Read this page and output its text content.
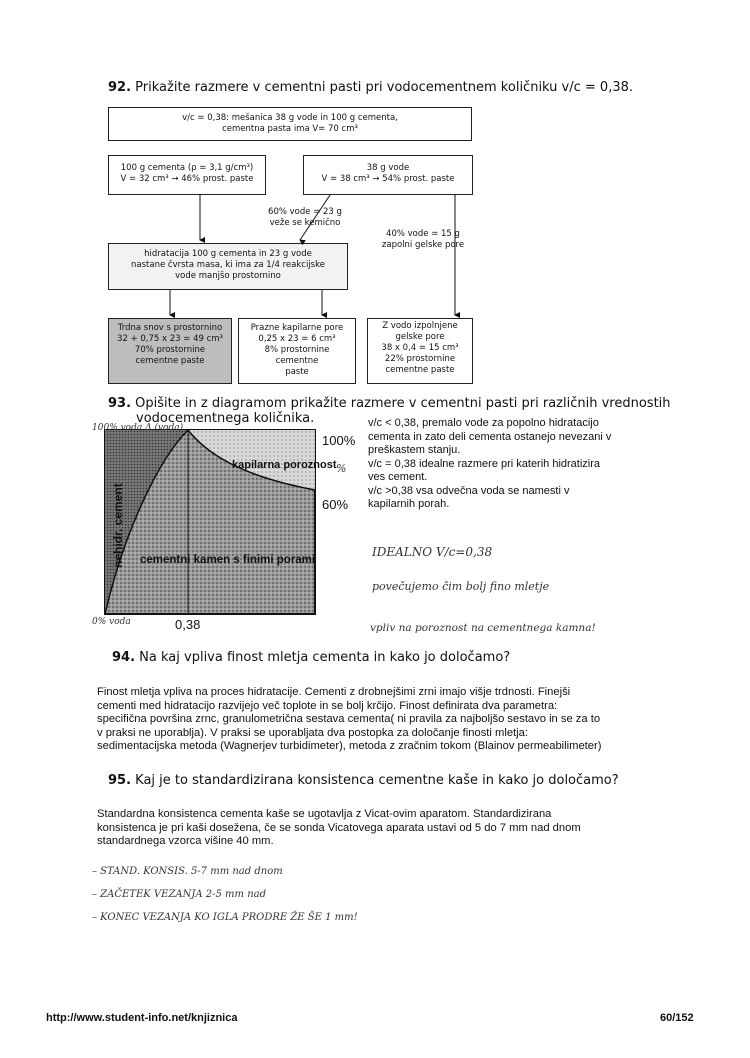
92. Prikažite razmere v cementni pasti pri vodocementnem količniku v/c = 0,38.
v/c = 0,38: mešanica 38 g vode in 100 g cementa,
cementna pasta ima V= 70 cm³
100 g cementa (ρ = 3,1 g/cm³)
V = 32 cm³ → 46% prost. paste
38 g vode
V = 38 cm³ → 54% prost. paste
60% vode = 23 g
veže se kemično
40% vode = 15 g
zapolni gelske pore
hidratacija 100 g cementa in 23 g vode
nastane čvrsta masa, ki ima za 1/4 reakcijske
vode manjšo prostornino
Trdna snov s prostornino
32 + 0,75 x 23 = 49 cm³
70% prostornine
cementne paste
Prazne kapilarne pore
0,25 x 23 = 6 cm³
8% prostornine cementne
paste
Z vodo izpolnjene
gelske pore
38 x 0,4 = 15 cm³
22% prostornine
cementne paste
93. Opišite in z diagramom prikažite razmere v cementni pasti pri različnih vrednostih
vodocementnega količnika.
nehidr. cement
kapilarna poroznost
cementni kamen s finimi porami
100%
60%
0,38
100% voda Δ (voda)
0% voda
%
v/c < 0,38, premalo vode za popolno hidratacijo
cementa in zato deli cementa ostanejo nevezani v
preškastem stanju.
v/c = 0,38 idealne razmere pri katerih hidratizira
ves cement.
v/c >0,38 vsa odvečna voda se namesti v
kapilarnih porah.
IDEALNO V/c=0,38
povečujemo čim bolj fino mletje
vpliv na poroznost na cementnega kamna!
94. Na kaj vpliva finost mletja cementa in kako jo določamo?
Finost mletja vpliva na proces hidratacije. Cementi z drobnejšimi zrni imajo višje trdnosti. Finejši
cementi med hidratacijo razvijejo več toplote in se bolj krčijo. Finost definirata dva parametra:
specifična površina zrnc, granulometrična sestava cementa( ni pravila za najboljšo sestavo in se za to
v praksi ne uporablja). V praksi se uporabljata dva postopka za določanje finosti mletja:
sedimentacijska metoda (Wagnerjev turbidimeter), metoda z zračnim tokom (Blainov permeabilimeter)
95. Kaj je to standardizirana konsistenca cementne kaše in kako jo določamo?
Standardna konsistenca cementa kaše se ugotavlja z Vicat-ovim aparatom. Standardizirana
konsistenca je pri kaši dosežena, če se sonda Vicatovega aparata ustavi od 5 do 7 mm nad dnom
standardnega vzorca višine 40 mm.
– STAND. KONSIS. 5-7 mm nad dnom
– ZAČETEK VEZANJA 2-5 mm nad
– KONEC VEZANJA KO IGLA PRODRE ŽE ŠE 1 mm!
http://www.student-info.net/knjiznica	60/152
